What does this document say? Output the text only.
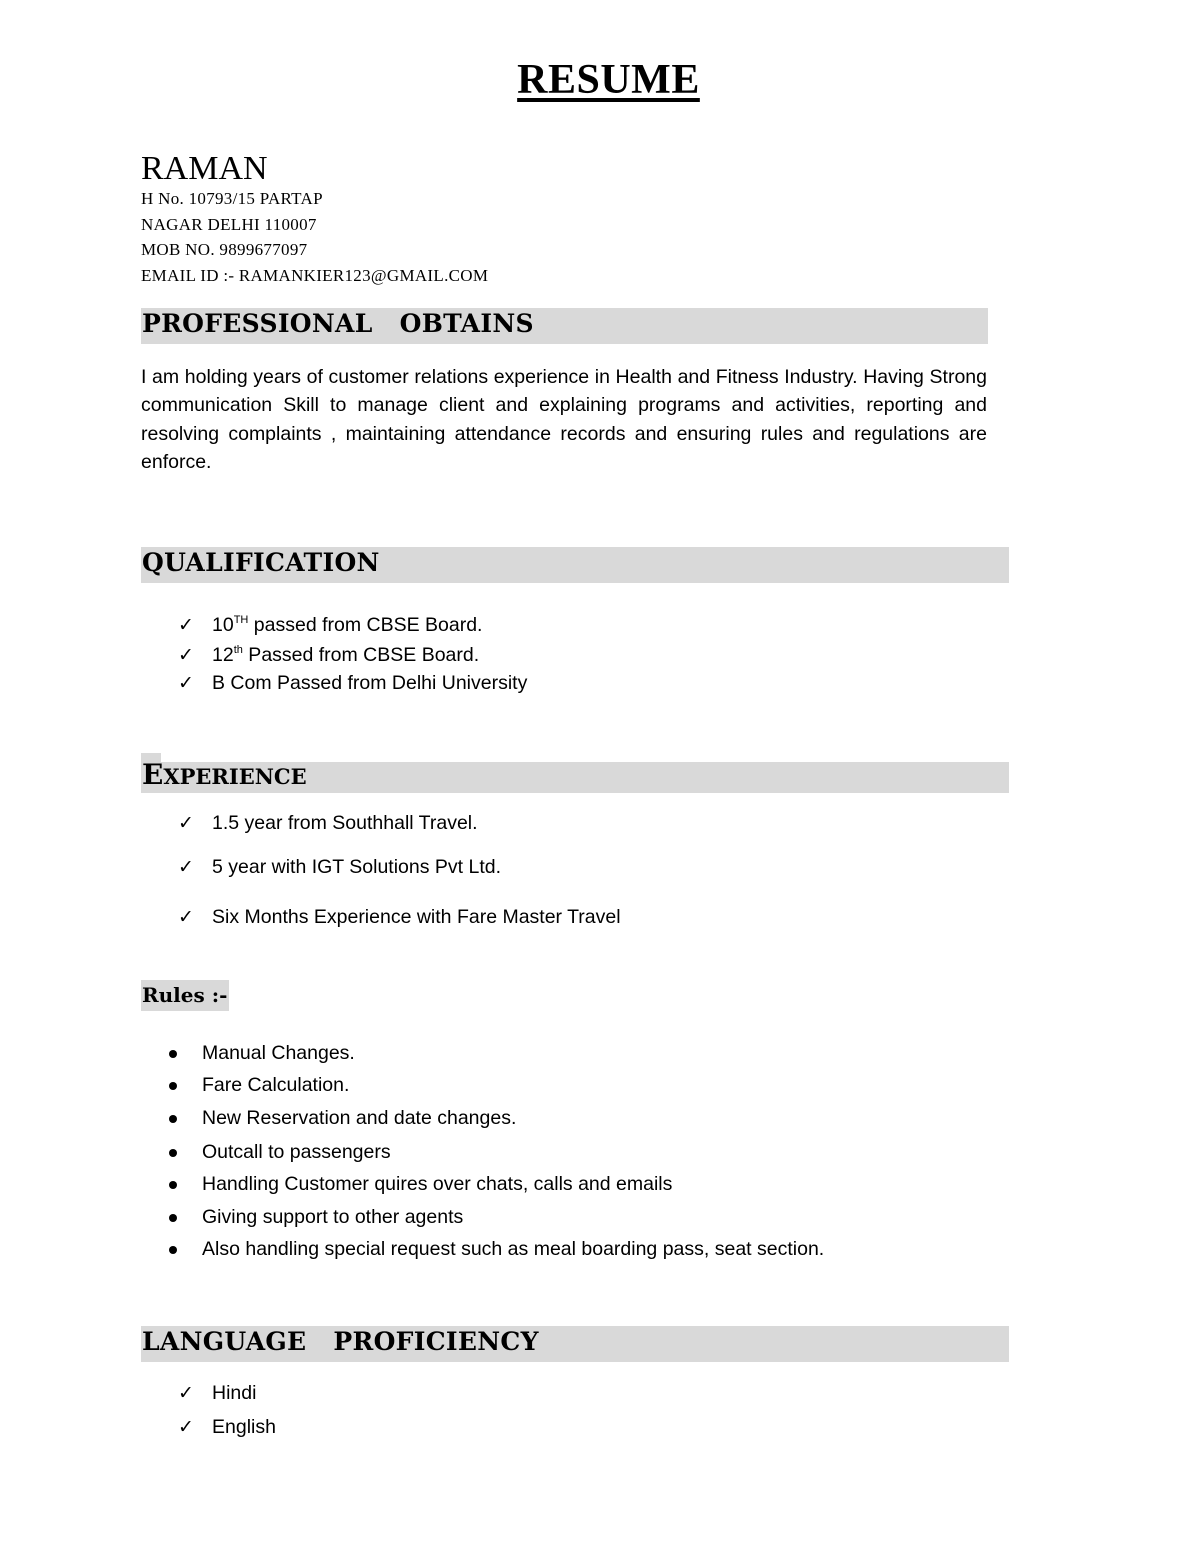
RESUME
RAMAN
H No. 10793/15 PARTAP
NAGAR DELHI 110007
MOB NO. 9899677097
EMAIL ID :- RAMANKIER123@GMAIL.COM
PROFESSIONAL   OBTAINS
I am holding years of customer relations experience in Health and Fitness Industry. Having Strong communication Skill to manage client and explaining programs and activities, reporting and resolving complaints , maintaining attendance records and ensuring rules and regulations are enforce.
QUALIFICATION
✓ 10TH passed from CBSE Board.
✓ 12th Passed from CBSE Board.
✓ B Com Passed from Delhi University
EXPERIENCE
✓ 1.5 year from Southhall Travel.
✓ 5 year with IGT Solutions Pvt Ltd.
✓ Six Months Experience with Fare Master Travel
Rules :-
Manual Changes.
Fare Calculation.
New Reservation and date changes.
Outcall to passengers
Handling Customer quires over chats, calls and emails
Giving support to other agents
Also handling special request such as meal boarding pass, seat section.
LANGUAGE   PROFICIENCY
✓ Hindi
✓ English
